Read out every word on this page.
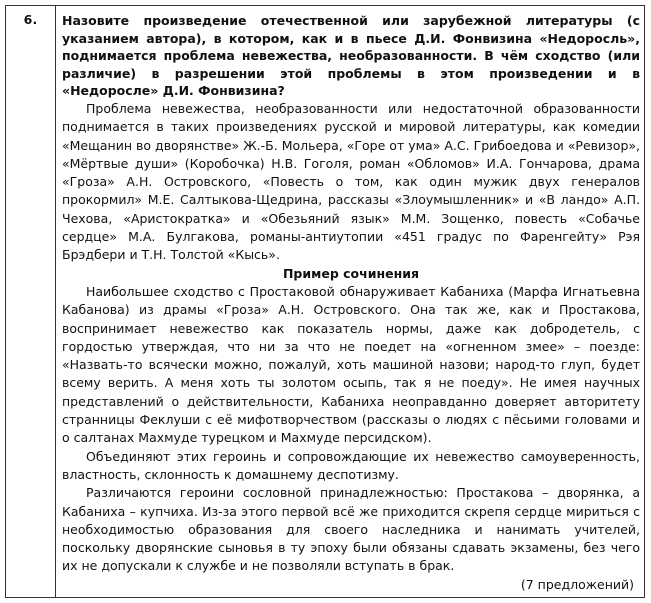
6.	Назовите произведение отечественной или зарубежной литературы (с указанием автора), в котором, как и в пьесе Д.И. Фонвизина «Недоросль», поднимается проблема невежества, необразованности. В чём сходство (или различие) в разрешении этой проблемы в этом произведении и в «Недоросле» Д.И. Фонвизина?

Проблема невежества, необразованности или недостаточной образованности поднимается в таких произведениях русской и мировой литературы, как комедии «Мещанин во дворянстве» Ж.-Б. Мольера, «Горе от ума» А.С. Грибоедова и «Ревизор», «Мёртвые души» (Коробочка) Н.В. Гоголя, роман «Обломов» И.А. Гончарова, драма «Гроза» А.Н. Островского, «Повесть о том, как один мужик двух генералов прокормил» М.Е. Салтыкова-Щедрина, рассказы «Злоумышленник» и «В ландо» А.П. Чехова, «Аристократка» и «Обезьяний язык» М.М. Зощенко, повесть «Собачье сердце» М.А. Булгакова, романы-антиутопии «451 градус по Фаренгейту» Рэя Брэдбери и Т.Н. Толстой «Кысь».

Пример сочинения

Наибольшее сходство с Простаковой обнаруживает Кабаниха (Марфа Игнатьевна Кабанова) из драмы «Гроза» А.Н. Островского. Она так же, как и Простакова, воспринимает невежество как показатель нормы, даже как добродетель, с гордостью утверждая, что ни за что не поедет на «огненном змее» – поезде: «Назвать-то всячески можно, пожалуй, хоть машиной назови; народ-то глуп, будет всему верить. А меня хоть ты золотом осыпь, так я не поеду». Не имея научных представлений о действительности, Кабаниха неоправданно доверяет авторитету странницы Феклуши с её мифотворчеством (рассказы о людях с пёсьими головами и о салтанах Махмуде турецком и Махмуде персидском).

Объединяют этих героинь и сопровождающие их невежество самоуверенность, властность, склонность к домашнему деспотизму.

Различаются героини сословной принадлежностью: Простакова – дворянка, а Кабаниха – купчиха. Из-за этого первой всё же приходится скрепя сердце мириться с необходимостью образования для своего наследника и нанимать учителей, поскольку дворянские сыновья в ту эпоху были обязаны сдавать экзамены, без чего их не допускали к службе и не позволяли вступать в брак.

(7 предложений)
